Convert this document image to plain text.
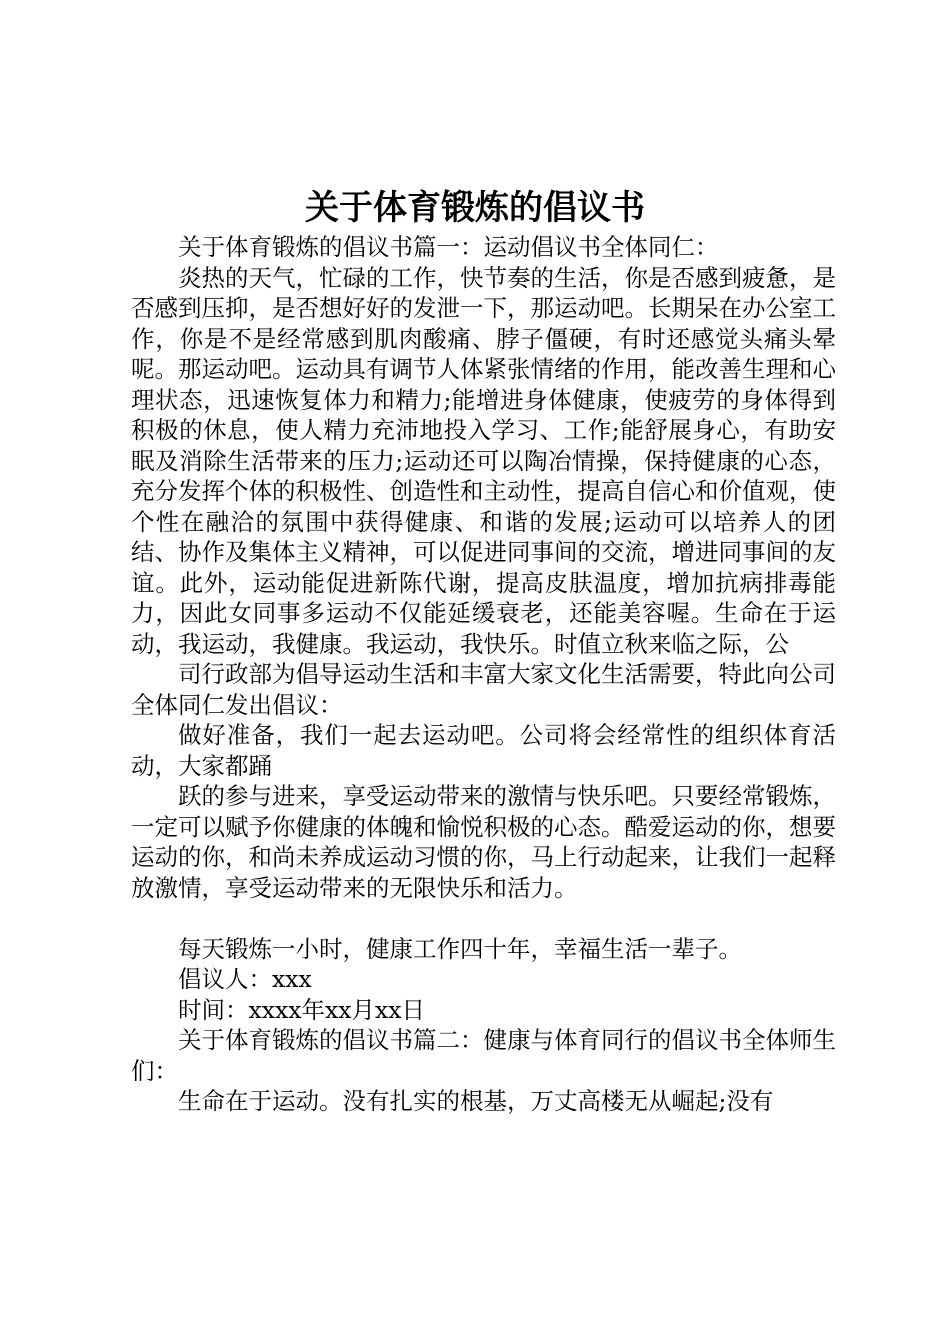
关于体育锻炼的倡议书

关于体育锻炼的倡议书篇一：运动倡议书全体同仁：

炎热的天气，忙碌的工作，快节奏的生活，你是否感到疲惫，是否感到压抑，是否想好好的发泄一下，那运动吧。长期呆在办公室工作，你是不是经常感到肌肉酸痛、脖子僵硬，有时还感觉头痛头晕呢。那运动吧。运动具有调节人体紧张情绪的作用，能改善生理和心理状态，迅速恢复体力和精力;能增进身体健康，使疲劳的身体得到积极的休息，使人精力充沛地投入学习、工作;能舒展身心，有助安眠及消除生活带来的压力;运动还可以陶冶情操，保持健康的心态，充分发挥个体的积极性、创造性和主动性，提高自信心和价值观，使个性在融洽的氛围中获得健康、和谐的发展;运动可以培养人的团结、协作及集体主义精神，可以促进同事间的交流，增进同事间的友谊。此外，运动能促进新陈代谢，提高皮肤温度，增加抗病排毒能力，因此女同事多运动不仅能延缓衰老，还能美容喔。生命在于运动，我运动，我健康。我运动，我快乐。时值立秋来临之际，公

司行政部为倡导运动生活和丰富大家文化生活需要，特此向公司全体同仁发出倡议：

做好准备，我们一起去运动吧。公司将会经常性的组织体育活动，大家都踊

跃的参与进来，享受运动带来的激情与快乐吧。只要经常锻炼，一定可以赋予你健康的体魄和愉悦积极的心态。酷爱运动的你，想要运动的你，和尚未养成运动习惯的你，马上行动起来，让我们一起释放激情，享受运动带来的无限快乐和活力。

每天锻炼一小时，健康工作四十年，幸福生活一辈子。

倡议人：xxx

时间：xxxx年xx月xx日

关于体育锻炼的倡议书篇二：健康与体育同行的倡议书全体师生们：

生命在于运动。没有扎实的根基，万丈高楼无从崛起;没有
